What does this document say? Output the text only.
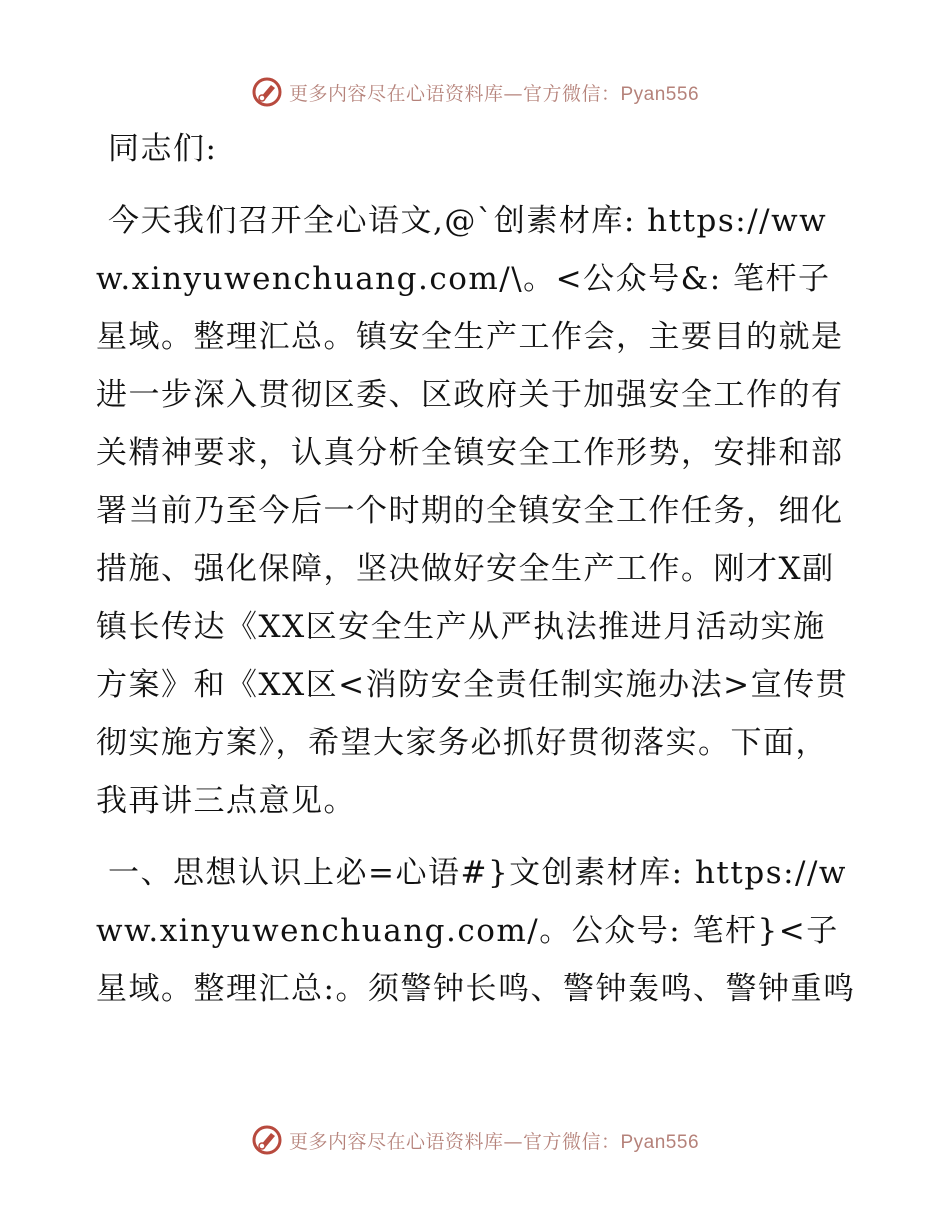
更多内容尽在心语资料库—官方微信：Pyan556

同志们:

今天我们召开全心语文,@`创素材库: https://www.xinyuwenchuang.com/\。<公众号&: 笔杆子星域。整理汇总。镇安全生产工作会，主要目的就是进一步深入贯彻区委、区政府关于加强安全工作的有关精神要求，认真分析全镇安全工作形势，安排和部署当前乃至今后一个时期的全镇安全工作任务，细化措施、强化保障，坚决做好安全生产工作。刚才X副镇长传达《XX区安全生产从严执法推进月活动实施方案》和《XX区<消防安全责任制实施办法>宣传贯彻实施方案》，希望大家务必抓好贯彻落实。下面，我再讲三点意见。

一、思想认识上必=心语#}文创素材库: https://www.xinyuwenchuang.com/。公众号: 笔杆}<子星域。整理汇总:。须警钟长鸣、警钟轰鸣、警钟重鸣

更多内容尽在心语资料库—官方微信：Pyan556
